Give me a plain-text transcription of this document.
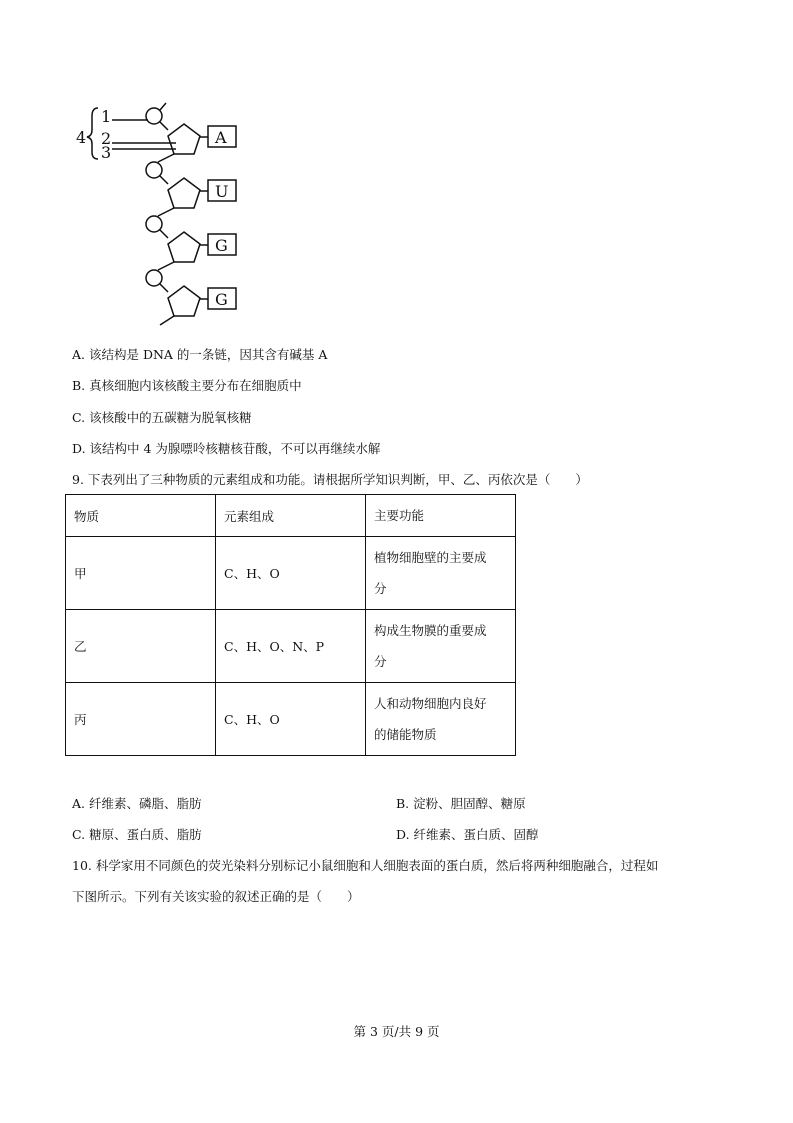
4
1
2
3
A
U
G
G
A. 该结构是 DNA 的一条链，因其含有碱基 A
B. 真核细胞内该核酸主要分布在细胞质中
C. 该核酸中的五碳糖为脱氧核糖
D. 该结构中 4 为腺嘌呤核糖核苷酸，不可以再继续水解
9. 下表列出了三种物质的元素组成和功能。请根据所学知识判断，甲、乙、丙依次是（　　）
物质	元素组成	主要功能
甲	C、H、O	植物细胞壁的主要成
分
乙	C、H、O、N、P	构成生物膜的重要成
分
丙	C、H、O	人和动物细胞内良好
的储能物质
A. 纤维素、磷脂、脂肪	B. 淀粉、胆固醇、糖原
C. 糖原、蛋白质、脂肪	D. 纤维素、蛋白质、固醇
10. 科学家用不同颜色的荧光染料分别标记小鼠细胞和人细胞表面的蛋白质，然后将两种细胞融合，过程如
下图所示。下列有关该实验的叙述正确的是（　　）
第 3 页/共 9 页
